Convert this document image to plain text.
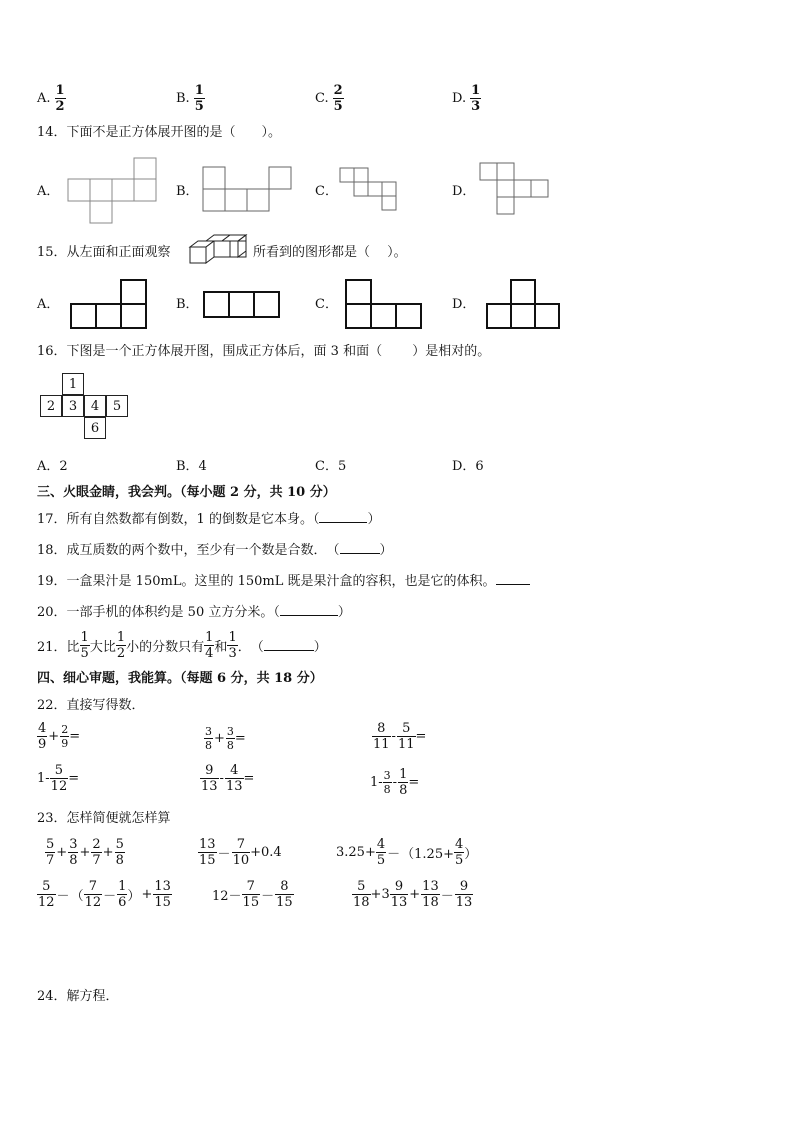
A. $\frac{1}{2}$	B. $\frac{1}{5}$	C. $\frac{2}{5}$	D. $\frac{1}{3}$
14．下面不是正方体展开图的是（　　）。
A．	B．	C．	D．
15．从左面和正面观察	所看到的图形都是（　 ）。
A．	B．	C．	D．
16．下图是一个正方体展开图，围成正方体后，面 3 和面（　　 ）是相对的。
1
2	3	4	5
6
A．2	B．4	C．5	D．6
三、火眼金睛，我会判。（每小题 2 分，共 10 分）
17．所有自然数都有倒数，1 的倒数是它本身。（	）
18．成互质数的两个数中，至少有一个数是合数．　（	）
19．一盒果汁是 150mL。这里的 150mL 既是果汁盒的容积，也是它的体积。
20．一部手机的体积约是 50 立方分米。（	）
21．比 $\frac{1}{5}$ 大比 $\frac{1}{2}$ 小的分数只有 $\frac{1}{4}$ 和 $\frac{1}{3}$ ．　（	）
四、细心审题，我能算。（每题 6 分，共 18 分）
22．直接写得数．
$\frac{4}{9} + \frac{2}{9}$ =	$\frac{3}{8} + \frac{3}{8}$ =	$\frac{8}{11} - \frac{5}{11}$ =
$1- \frac{5}{12}$ =	$\frac{9}{13} - \frac{4}{13}$ =	$1- \frac{3}{8} - \frac{1}{8}$ =
23．怎样简便就怎样算
$\frac{5}{7} + \frac{3}{8} + \frac{2}{7} + \frac{5}{8}$	$\frac{13}{15} - \frac{7}{10} +0.4$	$3.25+ \frac{4}{5} - (1.25+ \frac{4}{5}$ ）
$\frac{5}{12}$ － （ $\frac{7}{12} - \frac{1}{6}$ ） + $\frac{13}{15}$	$12- \frac{7}{15} - \frac{8}{15}$	$\frac{5}{18} +3 \frac{9}{13} + \frac{13}{18} - \frac{9}{13}$
24．解方程．
